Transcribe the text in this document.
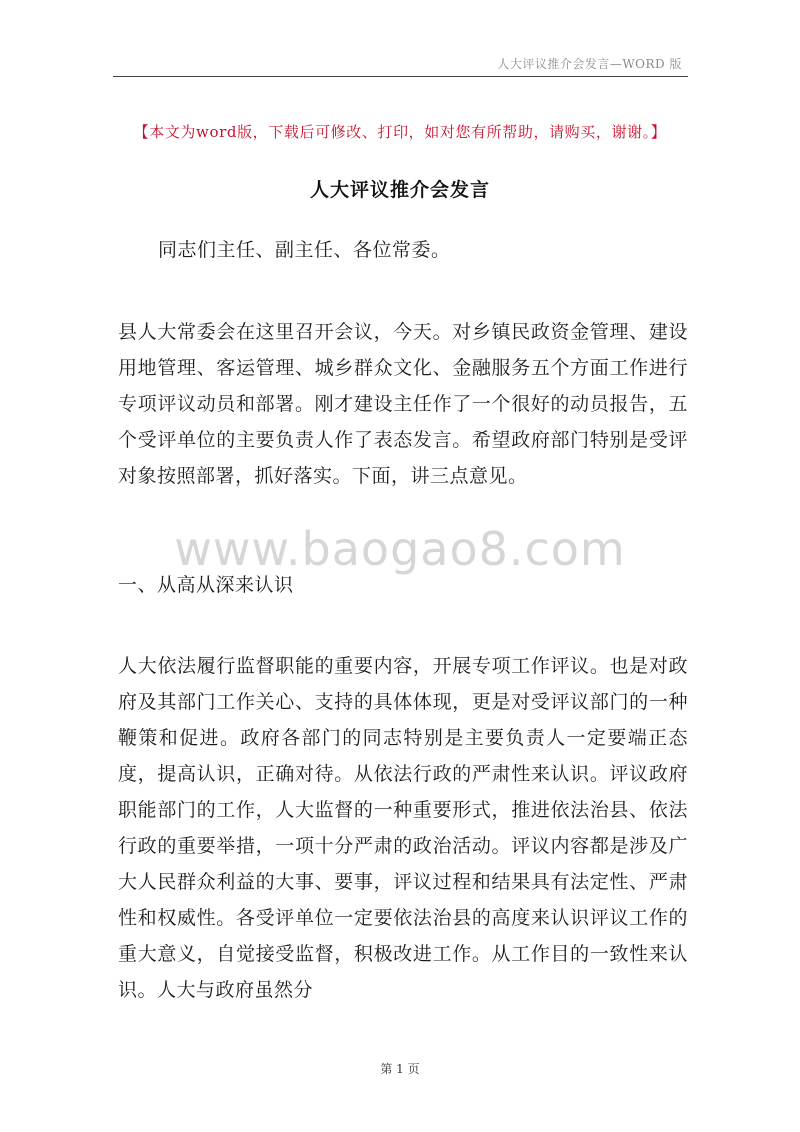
人大评议推介会发言—WORD 版
【本文为word版，下载后可修改、打印，如对您有所帮助，请购买，谢谢。】
人大评议推介会发言
同志们主任、副主任、各位常委。
县人大常委会在这里召开会议，今天。对乡镇民政资金管理、建设用地管理、客运管理、城乡群众文化、金融服务五个方面工作进行专项评议动员和部署。刚才建设主任作了一个很好的动员报告，五个受评单位的主要负责人作了表态发言。希望政府部门特别是受评对象按照部署，抓好落实。下面，讲三点意见。
www.baogao8.com
一、从高从深来认识
人大依法履行监督职能的重要内容，开展专项工作评议。也是对政府及其部门工作关心、支持的具体体现，更是对受评议部门的一种鞭策和促进。政府各部门的同志特别是主要负责人一定要端正态度，提高认识，正确对待。从依法行政的严肃性来认识。评议政府职能部门的工作，人大监督的一种重要形式，推进依法治县、依法行政的重要举措，一项十分严肃的政治活动。评议内容都是涉及广大人民群众利益的大事、要事，评议过程和结果具有法定性、严肃性和权威性。各受评单位一定要依法治县的高度来认识评议工作的重大意义，自觉接受监督，积极改进工作。从工作目的一致性来认识。人大与政府虽然分
第 1 页
